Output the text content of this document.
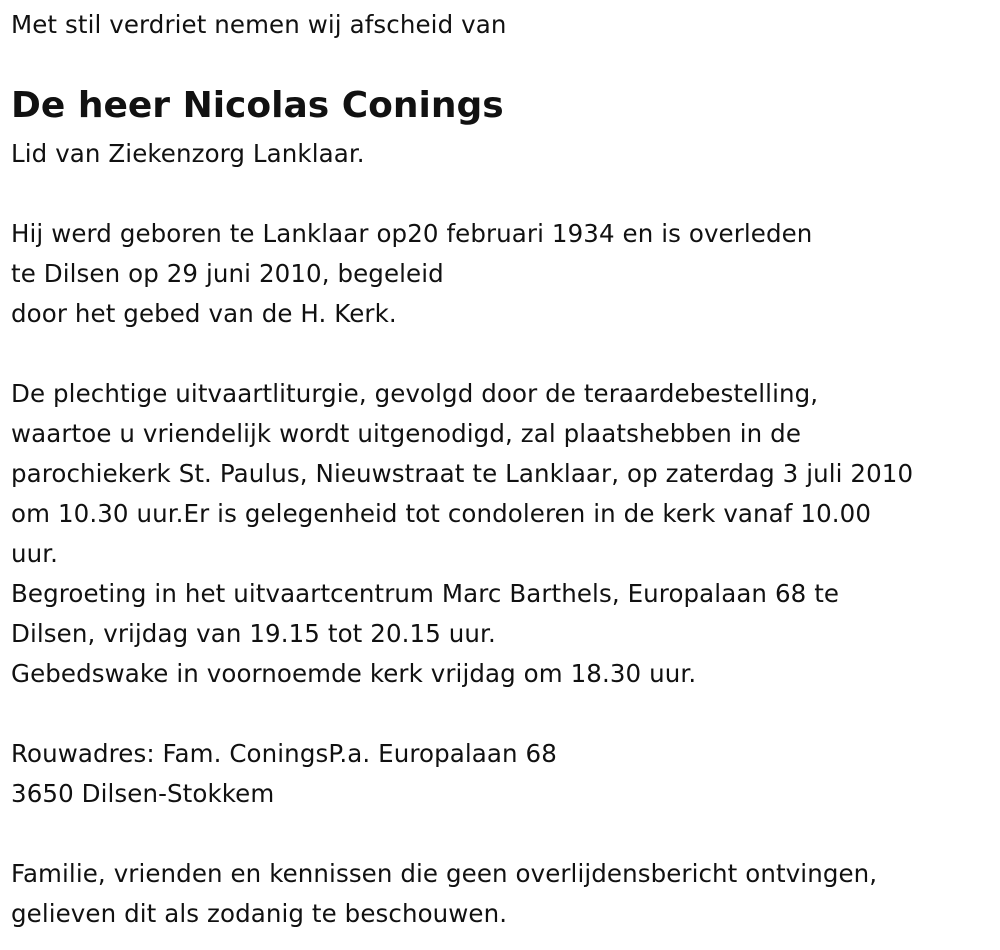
Met stil verdriet nemen wij afscheid van
De heer Nicolas Conings
Lid van Ziekenzorg Lanklaar.
Hij werd geboren te Lanklaar op20 februari 1934 en is overleden
te Dilsen op 29 juni 2010, begeleid
door het gebed van de H. Kerk.
De plechtige uitvaartliturgie, gevolgd door de teraardebestelling,
waartoe u vriendelijk wordt uitgenodigd, zal plaatshebben in de
parochiekerk St. Paulus, Nieuwstraat te Lanklaar, op zaterdag 3 juli 2010
om 10.30 uur.Er is gelegenheid tot condoleren in de kerk vanaf 10.00
uur.
Begroeting in het uitvaartcentrum Marc Barthels, Europalaan 68 te
Dilsen, vrijdag van 19.15 tot 20.15 uur.
Gebedswake in voornoemde kerk vrijdag om 18.30 uur.
Rouwadres: Fam. ConingsP.a. Europalaan 68
3650 Dilsen-Stokkem
Familie, vrienden en kennissen die geen overlijdensbericht ontvingen,
gelieven dit als zodanig te beschouwen.
